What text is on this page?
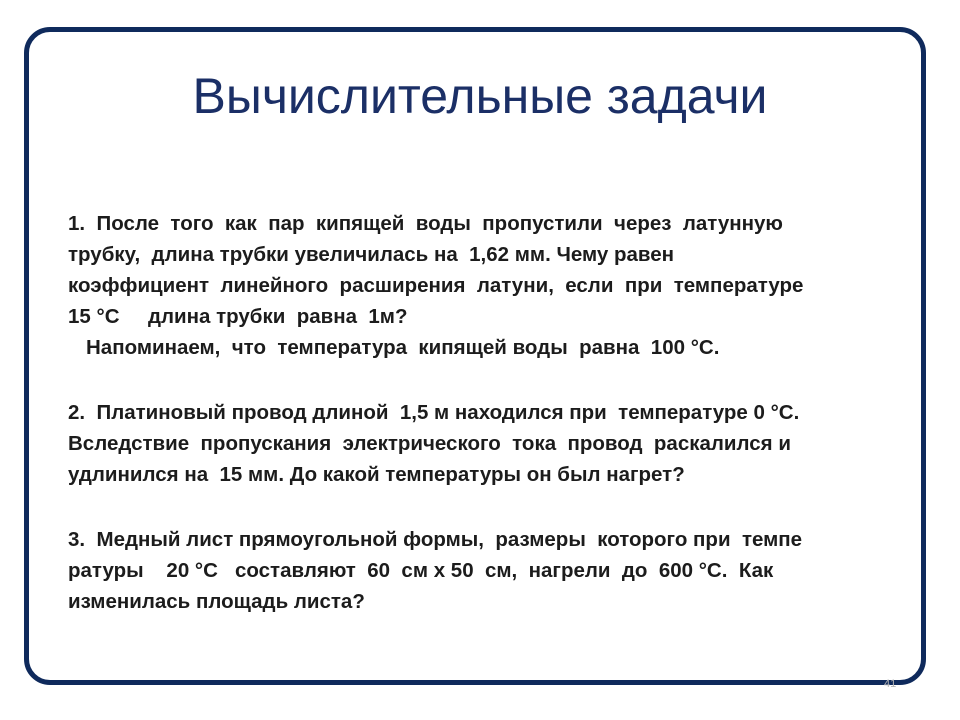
Вычислительные задачи
1.  После  того  как  пар  кипящей  воды  пропустили  через  латунную
трубку,  длина трубки увеличилась на  1,62 мм. Чему равен
коэффициент  линейного  расширения  латуни,  если  при  температуре
15 °С     длина трубки  равна  1м?
Напоминаем,  что  температура  кипящей воды  равна  100 °С.
2.  Платиновый провод длиной  1,5 м находился при  температуре 0 °С.
Вследствие  пропускания  электрического  тока  провод  раскалился и
удлинился на  15 мм. До какой температуры он был нагрет?
3.  Медный лист прямоугольной формы,  размеры  которого при  темпе
ратуры    20 °С   составляют  60  см х 50  см,  нагрели  до  600 °С.  Как
изменилась площадь листа?
41
